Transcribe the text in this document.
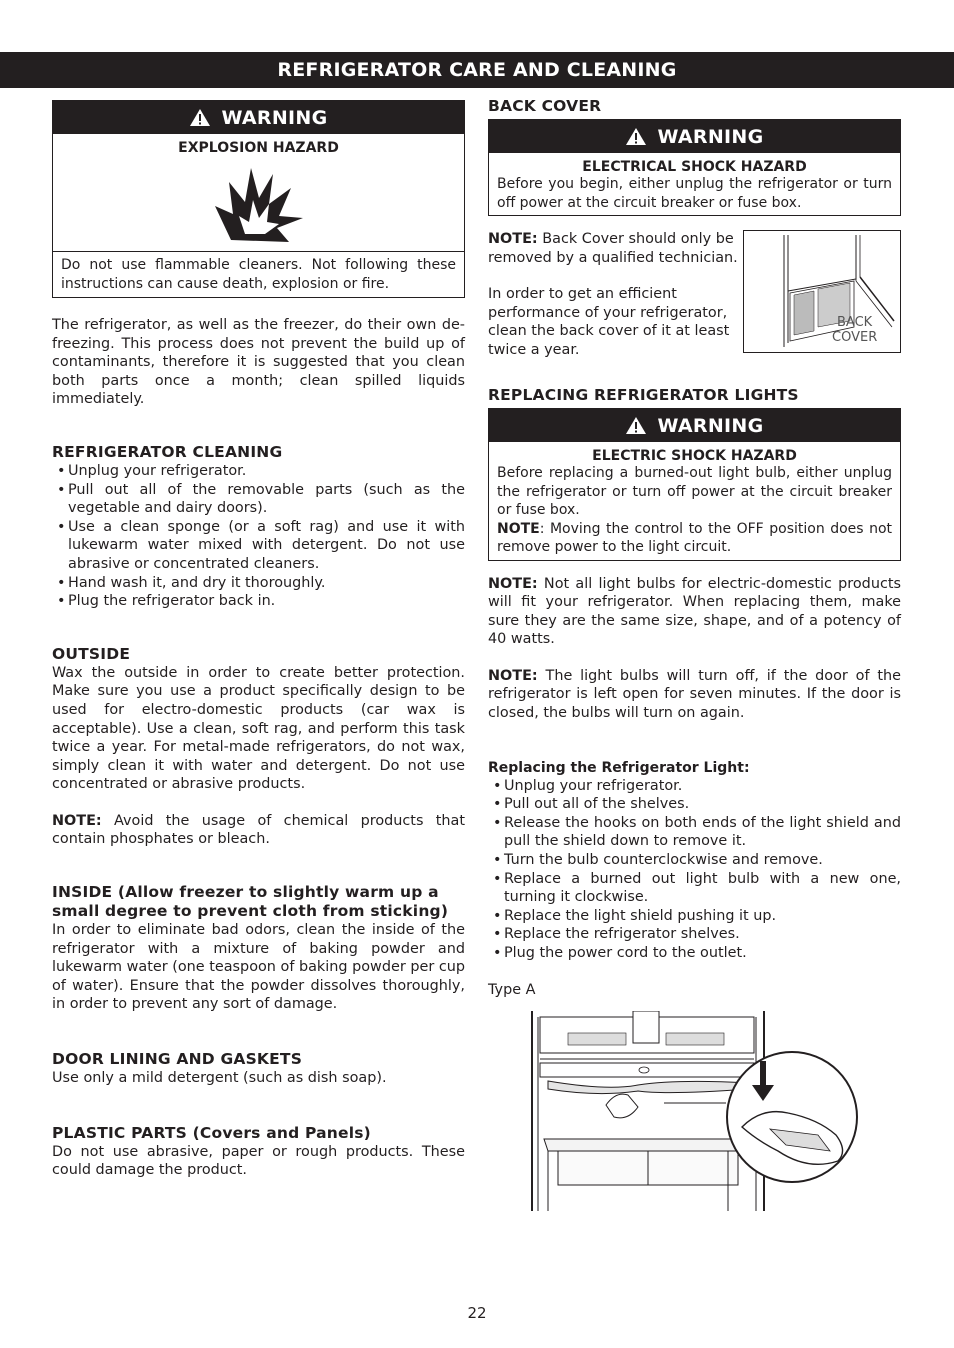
REFRIGERATOR CARE AND CLEANING
WARNING
EXPLOSION HAZARD
Do not use flammable cleaners. Not following these instructions can cause death, explosion or fire.

The refrigerator, as well as the freezer, do their own de-freezing. This process does not prevent the build up of contaminants, therefore it is suggested that you clean both parts once a month; clean spilled liquids immediately.

REFRIGERATOR CLEANING
• Unplug your refrigerator.
• Pull out all of the removable parts (such as the vegetable and dairy doors).
• Use a clean sponge (or a soft rag) and use it with lukewarm water mixed with detergent. Do not use abrasive or concentrated cleaners.
• Hand wash it, and dry it thoroughly.
• Plug the refrigerator back in.
OUTSIDE

Wax the outside in order to create better protection. Make sure you use a product specifically design to be used for electro-domestic products (car wax is acceptable). Use a clean, soft rag, and perform this task twice a year. For metal-made refrigerators, do not wax, simply clean it with water and detergent. Do not use concentrated or abrasive products.

NOTE: Avoid the usage of chemical products that contain phosphates or bleach.

INSIDE (Allow freezer to slightly warm up a small degree to prevent cloth from sticking)

In order to eliminate bad odors, clean the inside of the refrigerator with a mixture of baking powder and lukewarm water (one teaspoon of baking powder per cup of water). Ensure that the powder dissolves thoroughly, in order to prevent any sort of damage.

DOOR LINING AND GASKETS

Use only a mild detergent (such as dish soap).

PLASTIC PARTS (Covers and Panels)

Do not use abrasive, paper or rough products. These could damage the product.

BACK COVER
WARNING
ELECTRICAL SHOCK HAZARD
Before you begin, either unplug the refrigerator or turn off power at the circuit breaker or fuse box.

NOTE: Back Cover should only be removed by a qualified technician.

In order to get an efficient performance of your refrigerator, clean the back cover of it at least twice a year.

BACK
COVER
REPLACING REFRIGERATOR LIGHTS
WARNING
ELECTRIC SHOCK HAZARD
Before replacing a burned-out light bulb, either unplug the refrigerator or turn off power at the circuit breaker or fuse box.
NOTE: Moving the control to the OFF position does not remove power to the light circuit.

NOTE: Not all light bulbs for electric-domestic products will fit your refrigerator. When replacing them, make sure they are the same size, shape, and of a potency of 40 watts.

NOTE: The light bulbs will turn off, if the door of the refrigerator is left open for seven minutes. If the door is closed, the bulbs will turn on again.

Replacing the Refrigerator Light:
• Unplug your refrigerator.
• Pull out all of the shelves.
• Release the hooks on both ends of the light shield and pull the shield down to remove it.
• Turn the bulb counterclockwise and remove.
• Replace a burned out light bulb with a new one, turning it clockwise.
• Replace the light shield pushing it up.
• Replace the refrigerator shelves.
• Plug the power cord to the outlet.

Type A

22
